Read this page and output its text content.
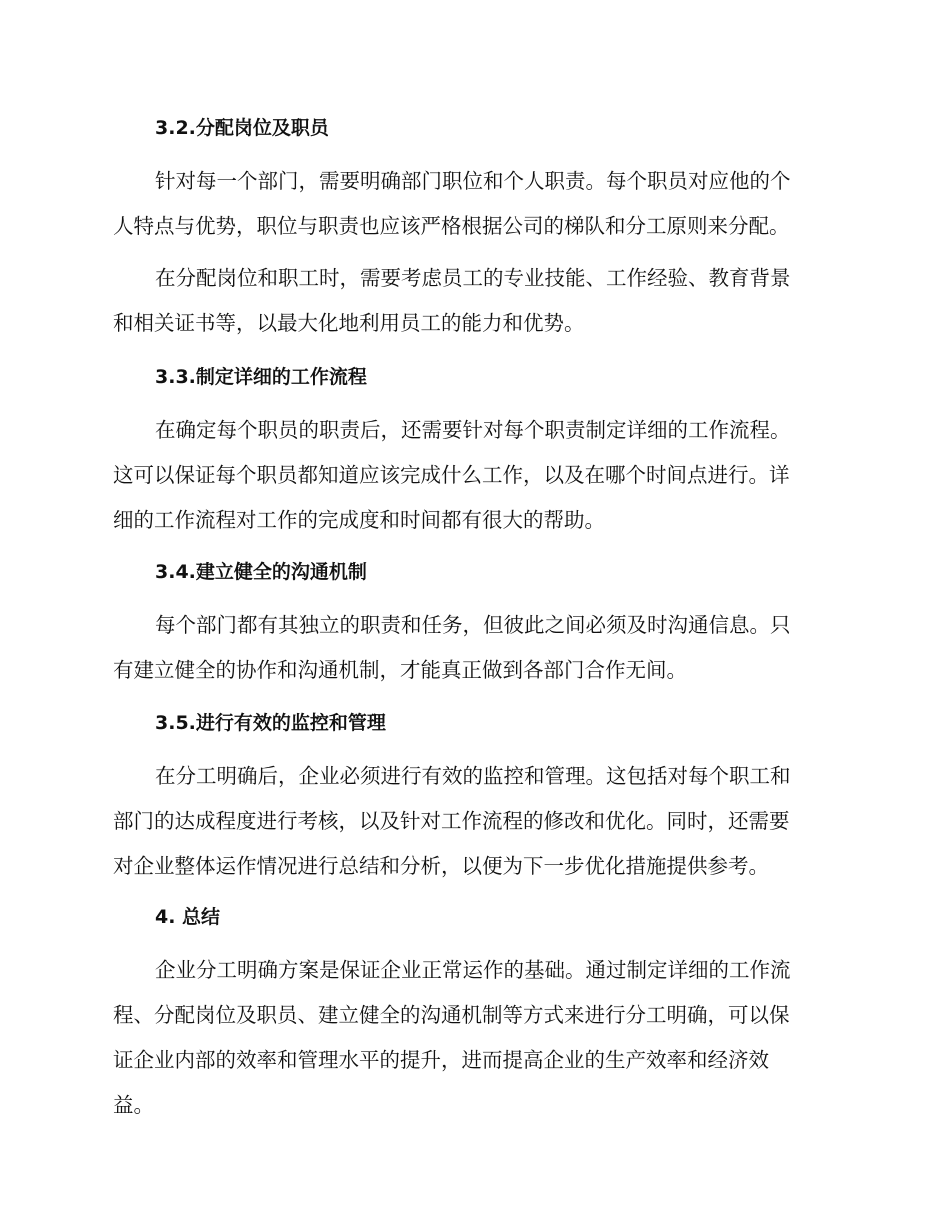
3.2.分配岗位及职员
针对每一个部门，需要明确部门职位和个人职责。每个职员对应他的个
人特点与优势，职位与职责也应该严格根据公司的梯队和分工原则来分配。
在分配岗位和职工时，需要考虑员工的专业技能、工作经验、教育背景
和相关证书等，以最大化地利用员工的能力和优势。
3.3.制定详细的工作流程
在确定每个职员的职责后，还需要针对每个职责制定详细的工作流程。
这可以保证每个职员都知道应该完成什么工作，以及在哪个时间点进行。详
细的工作流程对工作的完成度和时间都有很大的帮助。
3.4.建立健全的沟通机制
每个部门都有其独立的职责和任务，但彼此之间必须及时沟通信息。只
有建立健全的协作和沟通机制，才能真正做到各部门合作无间。
3.5.进行有效的监控和管理
在分工明确后，企业必须进行有效的监控和管理。这包括对每个职工和
部门的达成程度进行考核，以及针对工作流程的修改和优化。同时，还需要
对企业整体运作情况进行总结和分析，以便为下一步优化措施提供参考。
4. 总结
企业分工明确方案是保证企业正常运作的基础。通过制定详细的工作流
程、分配岗位及职员、建立健全的沟通机制等方式来进行分工明确，可以保
证企业内部的效率和管理水平的提升，进而提高企业的生产效率和经济效
益。
